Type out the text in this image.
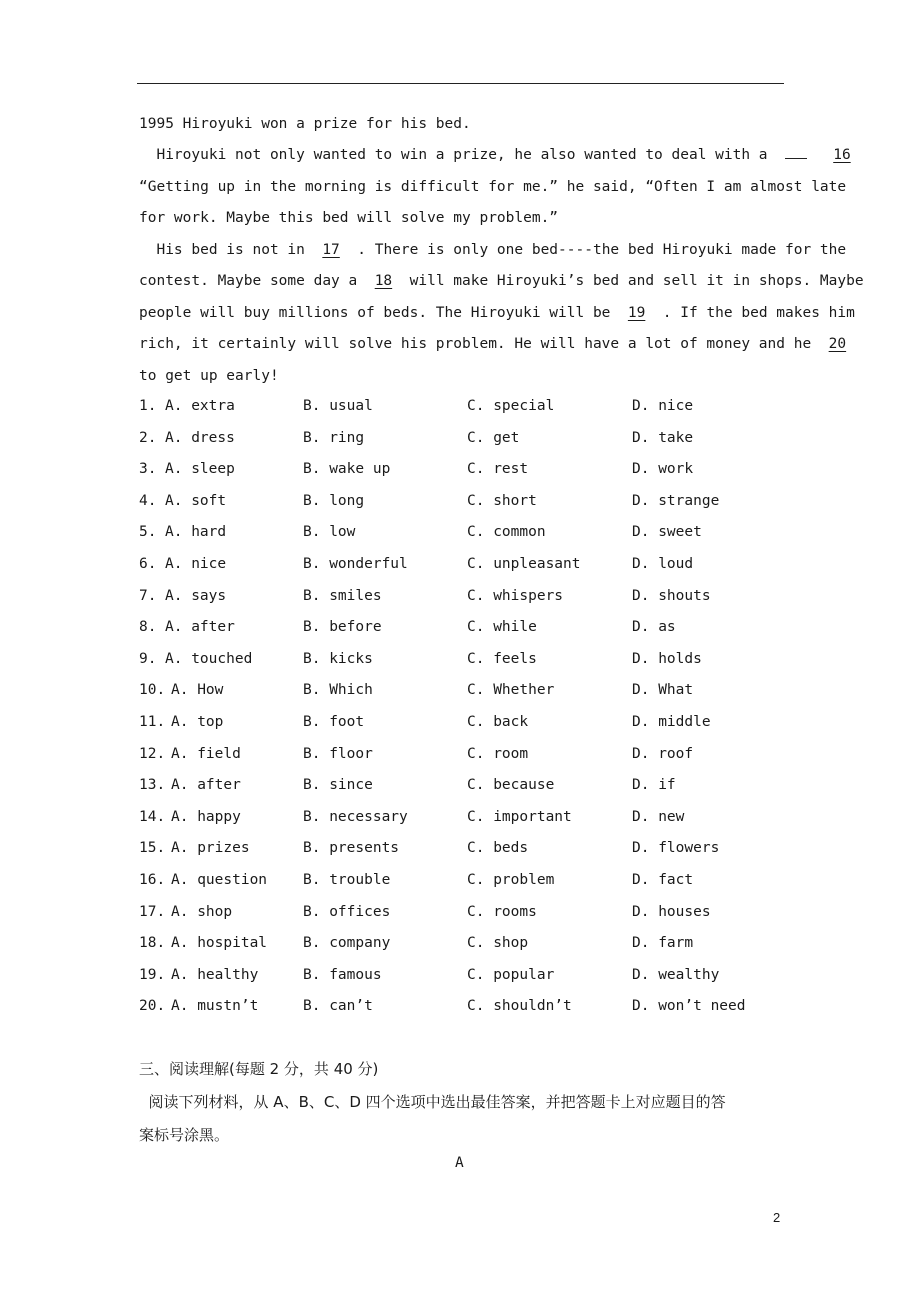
1995 Hiroyuki won a prize for his bed.
Hiroyuki not only wanted to win a prize, he also wanted to deal with a	16
“Getting up in the morning is difficult for me.” he said, “Often I am almost late
for work. Maybe this bed will solve my problem.”
His bed is not in  17  . There is only one bed----the bed Hiroyuki made for the
contest. Maybe some day a  18  will make Hiroyuki’s bed and sell it in shops. Maybe
people will buy millions of beds. The Hiroyuki will be  19  . If the bed makes him
rich, it certainly will solve his problem. He will have a lot of money and he  20
to get up early!
1. A. extra	B. usual	C. special	D. nice
2. A. dress	B. ring	C. get	D. take
3. A. sleep	B. wake up	C. rest	D. work
4. A. soft	B. long	C. short	D. strange
5. A. hard	B. low	C. common	D. sweet
6. A. nice	B. wonderful	C. unpleasant	D. loud
7. A. says	B. smiles	C. whispers	D. shouts
8. A. after	B. before	C. while	D. as
9. A. touched	B. kicks	C. feels	D. holds
10. A. How	B. Which	C. Whether	D. What
11. A. top	B. foot	C. back	D. middle
12. A. field	B. floor	C. room	D. roof
13. A. after	B. since	C. because	D. if
14. A. happy	B. necessary	C. important	D. new
15. A. prizes	B. presents	C. beds	D. flowers
16. A. question B. trouble	C. problem	D. fact
17. A. shop	B. offices	C. rooms	D. houses
18. A. hospital B. company	C. shop	D. farm
19. A. healthy	B. famous	C. popular	D. wealthy
20. A. mustn’t	B. can’t	C. shouldn’t	D. won’t need
三、阅读理解(每题 2 分，共 40 分)
阅读下列材料，从 A、B、C、D 四个选项中选出最佳答案，并把答题卡上对应题目的答
案标号涂黑。
A
2
